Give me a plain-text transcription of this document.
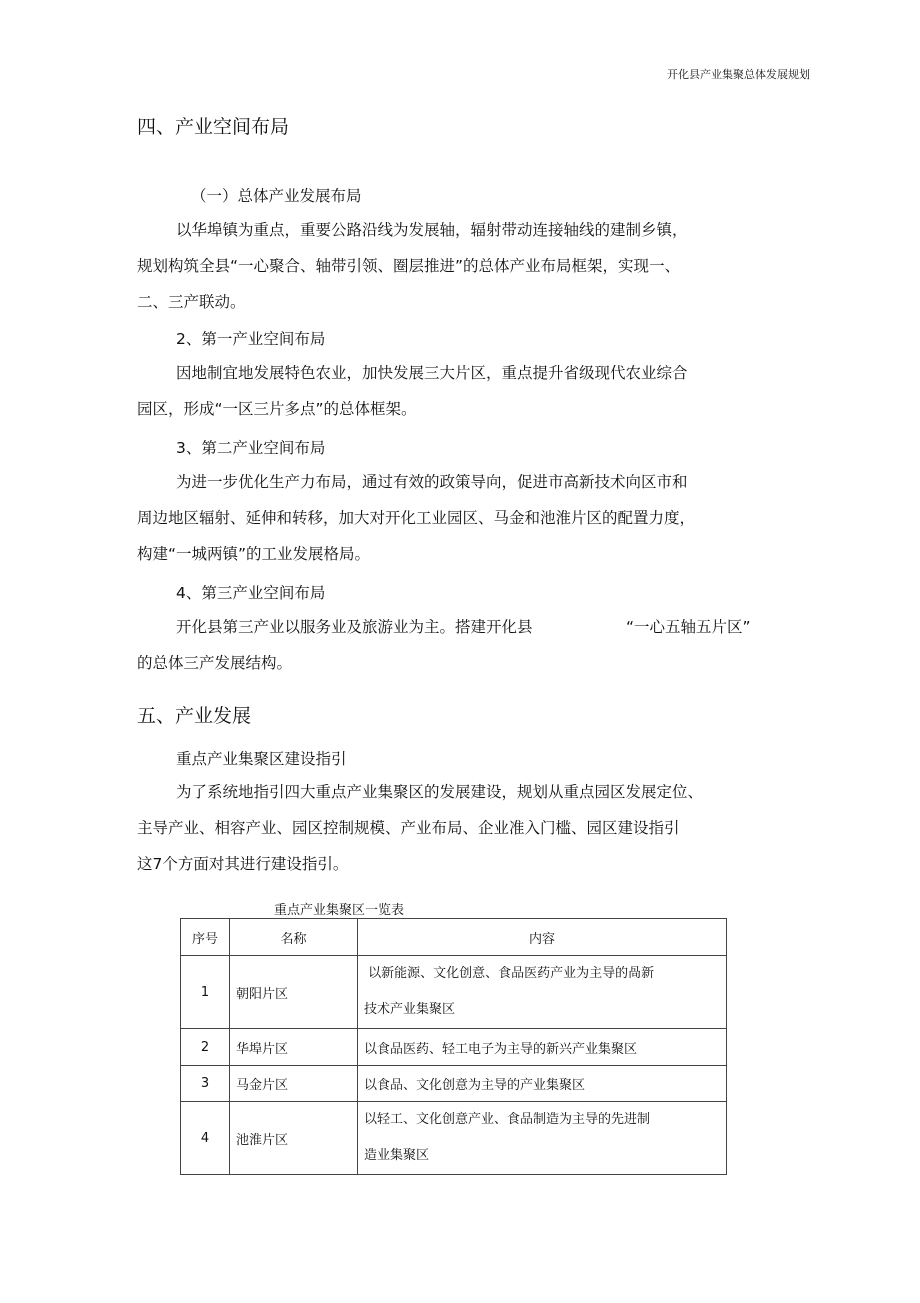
开化县产业集聚总体发展规划
四、产业空间布局
（一）总体产业发展布局
以华埠镇为重点，重要公路沿线为发展轴，辐射带动连接轴线的建制乡镇，
规划构筑全县“一心聚合、轴带引领、圈层推进”的总体产业布局框架，实现一、
二、三产联动。
2、第一产业空间布局
因地制宜地发展特色农业，加快发展三大片区，重点提升省级现代农业综合
园区，形成“一区三片多点”的总体框架。
3、第二产业空间布局
为进一步优化生产力布局，通过有效的政策导向，促进市高新技术向区市和
周边地区辐射、延伸和转移，加大对开化工业园区、马金和池淮片区的配置力度，
构建“一城两镇”的工业发展格局。
4、第三产业空间布局
开化县第三产业以服务业及旅游业为主。搭建开化县	“一心五轴五片区”
的总体三产发展结构。
五、产业发展
重点产业集聚区建设指引
为了系统地指引四大重点产业集聚区的发展建设，规划从重点园区发展定位、
主导产业、相容产业、园区控制规模、产业布局、企业准入门槛、园区建设指引
这7个方面对其进行建设指引。
重点产业集聚区一览表
序号	名称	内容
1	朝阳片区	以新能源、文化创意、食品医药产业为主导的咼新
技术产业集聚区

2	华埠片区	以食品医药、轻工电子为主导的新兴产业集聚区
3	马金片区	以食品、文化创意为主导的产业集聚区
4	池淮片区	以轻工、文化创意产业、食品制造为主导的先进制
造业集聚区
